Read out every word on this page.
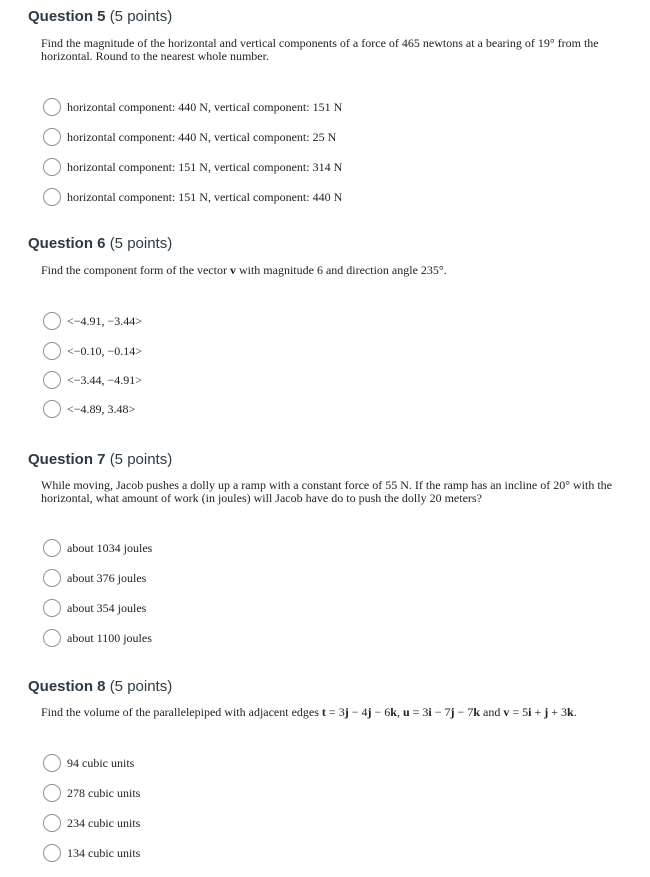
Question 5 (5 points)
Find the magnitude of the horizontal and vertical components of a force of 465 newtons at a bearing of 19° from the horizontal. Round to the nearest whole number.
horizontal component: 440 N, vertical component: 151 N
horizontal component: 440 N, vertical component: 25 N
horizontal component: 151 N, vertical component: 314 N
horizontal component: 151 N, vertical component: 440 N
Question 6 (5 points)
Find the component form of the vector v with magnitude 6 and direction angle 235°.
<−4.91, −3.44>
<−0.10, −0.14>
<−3.44, −4.91>
<−4.89, 3.48>
Question 7 (5 points)
While moving, Jacob pushes a dolly up a ramp with a constant force of 55 N. If the ramp has an incline of 20° with the horizontal, what amount of work (in joules) will Jacob have do to push the dolly 20 meters?
about 1034 joules
about 376 joules
about 354 joules
about 1100 joules
Question 8 (5 points)
Find the volume of the parallelepiped with adjacent edges t = 3j − 4j − 6k, u = 3i − 7j − 7k and v = 5i + j + 3k.
94 cubic units
278 cubic units
234 cubic units
134 cubic units
